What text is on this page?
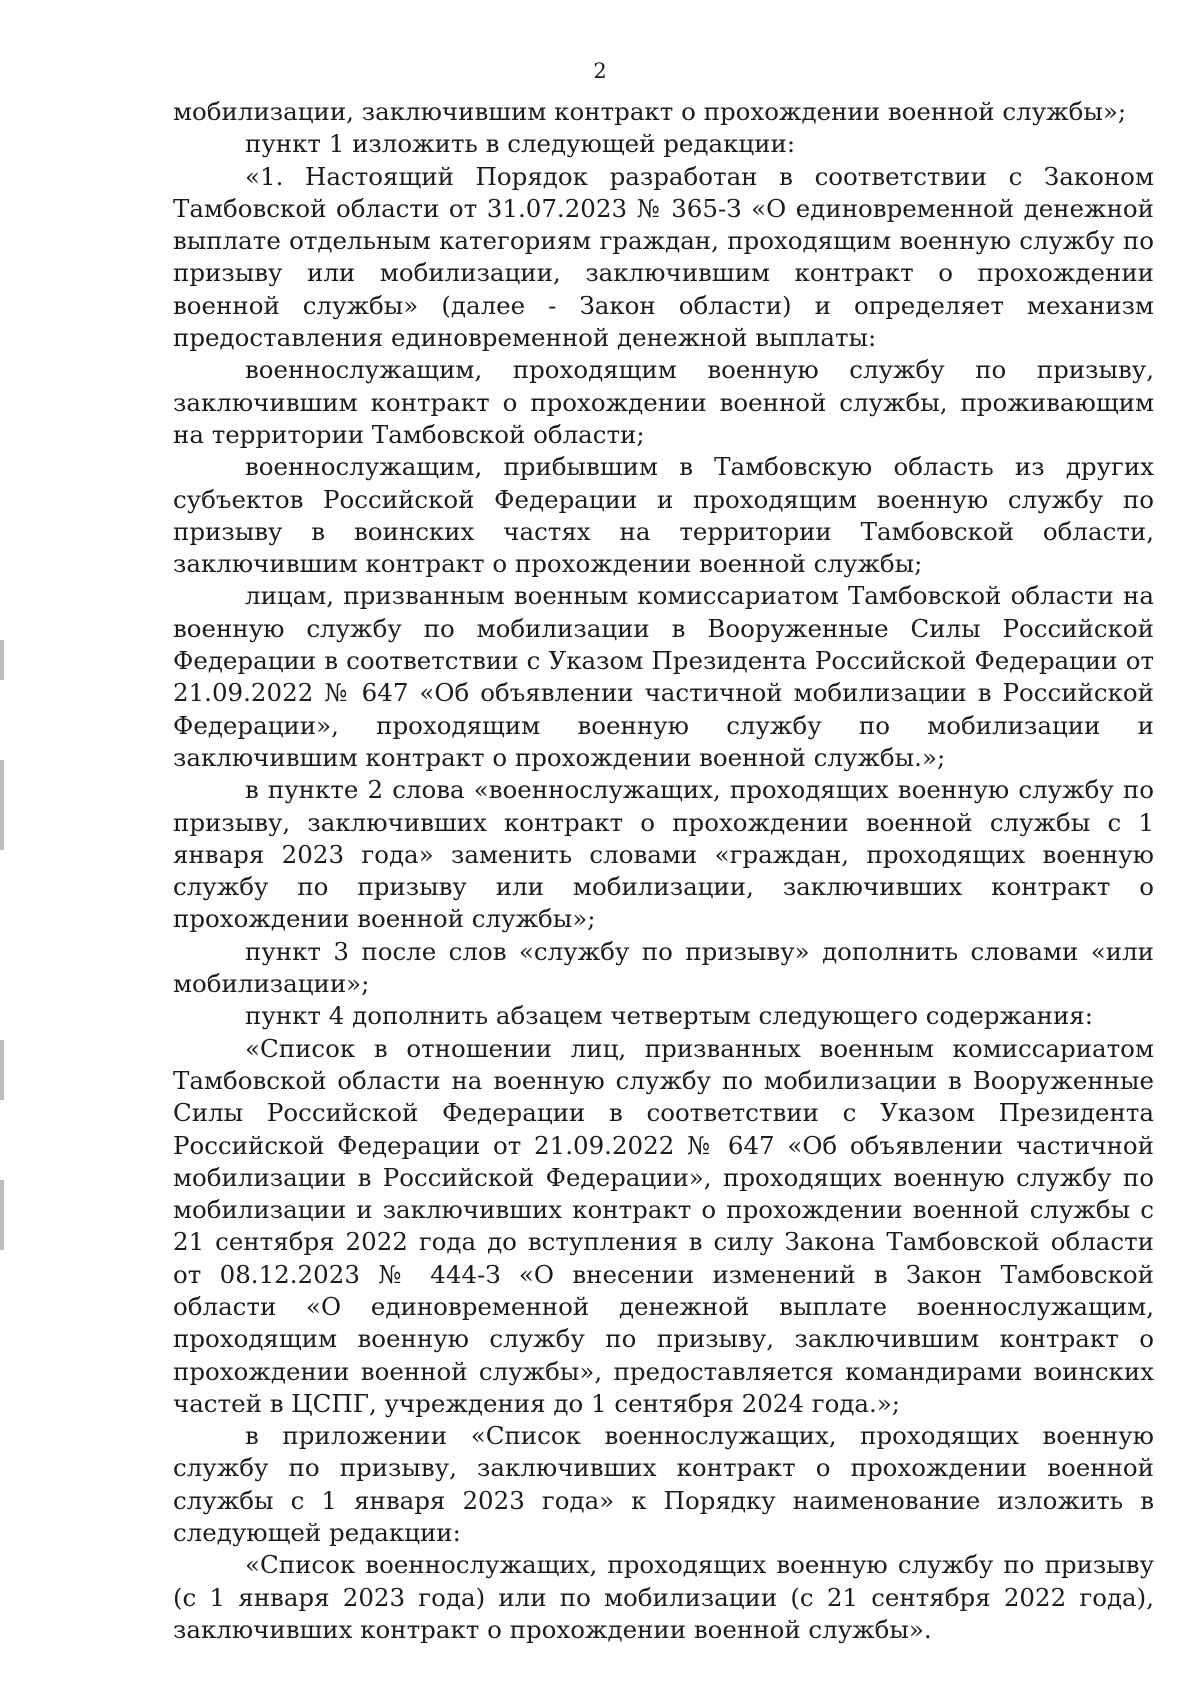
2

мобилизации, заключившим контракт о прохождении военной службы»;

пункт 1 изложить в следующей редакции:

«1. Настоящий Порядок разработан в соответствии с Законом Тамбовской области от 31.07.2023 № 365-З «О единовременной денежной выплате отдельным категориям граждан, проходящим военную службу по призыву или мобилизации, заключившим контракт о прохождении военной службы» (далее - Закон области) и определяет механизм предоставления единовременной денежной выплаты:

военнослужащим, проходящим военную службу по призыву, заключившим контракт о прохождении военной службы, проживающим на территории Тамбовской области;

военнослужащим, прибывшим в Тамбовскую область из других субъектов Российской Федерации и проходящим военную службу по призыву в воинских частях на территории Тамбовской области, заключившим контракт о прохождении военной службы;

лицам, призванным военным комиссариатом Тамбовской области на военную службу по мобилизации в Вооруженные Силы Российской Федерации в соответствии с Указом Президента Российской Федерации от 21.09.2022 № 647 «Об объявлении частичной мобилизации в Российской Федерации», проходящим военную службу по мобилизации и заключившим контракт о прохождении военной службы.»;

в пункте 2 слова «военнослужащих, проходящих военную службу по призыву, заключивших контракт о прохождении военной службы с 1 января 2023 года» заменить словами «граждан, проходящих военную службу по призыву или мобилизации, заключивших контракт о прохождении военной службы»;

пункт 3 после слов «службу по призыву» дополнить словами «или мобилизации»;

пункт 4 дополнить абзацем четвертым следующего содержания:

«Список в отношении лиц, призванных военным комиссариатом Тамбовской области на военную службу по мобилизации в Вооруженные Силы Российской Федерации в соответствии с Указом Президента Российской Федерации от 21.09.2022 № 647 «Об объявлении частичной мобилизации в Российской Федерации», проходящих военную службу по мобилизации и заключивших контракт о прохождении военной службы с 21 сентября 2022 года до вступления в силу Закона Тамбовской области от 08.12.2023 № 444-З «О внесении изменений в Закон Тамбовской области «О единовременной денежной выплате военнослужащим, проходящим военную службу по призыву, заключившим контракт о прохождении военной службы», предоставляется командирами воинских частей в ЦСПГ, учреждения до 1 сентября 2024 года.»;

в приложении «Список военнослужащих, проходящих военную службу по призыву, заключивших контракт о прохождении военной службы с 1 января 2023 года» к Порядку наименование изложить в следующей редакции:

«Список военнослужащих, проходящих военную службу по призыву (с 1 января 2023 года) или по мобилизации (с 21 сентября 2022 года), заключивших контракт о прохождении военной службы».
